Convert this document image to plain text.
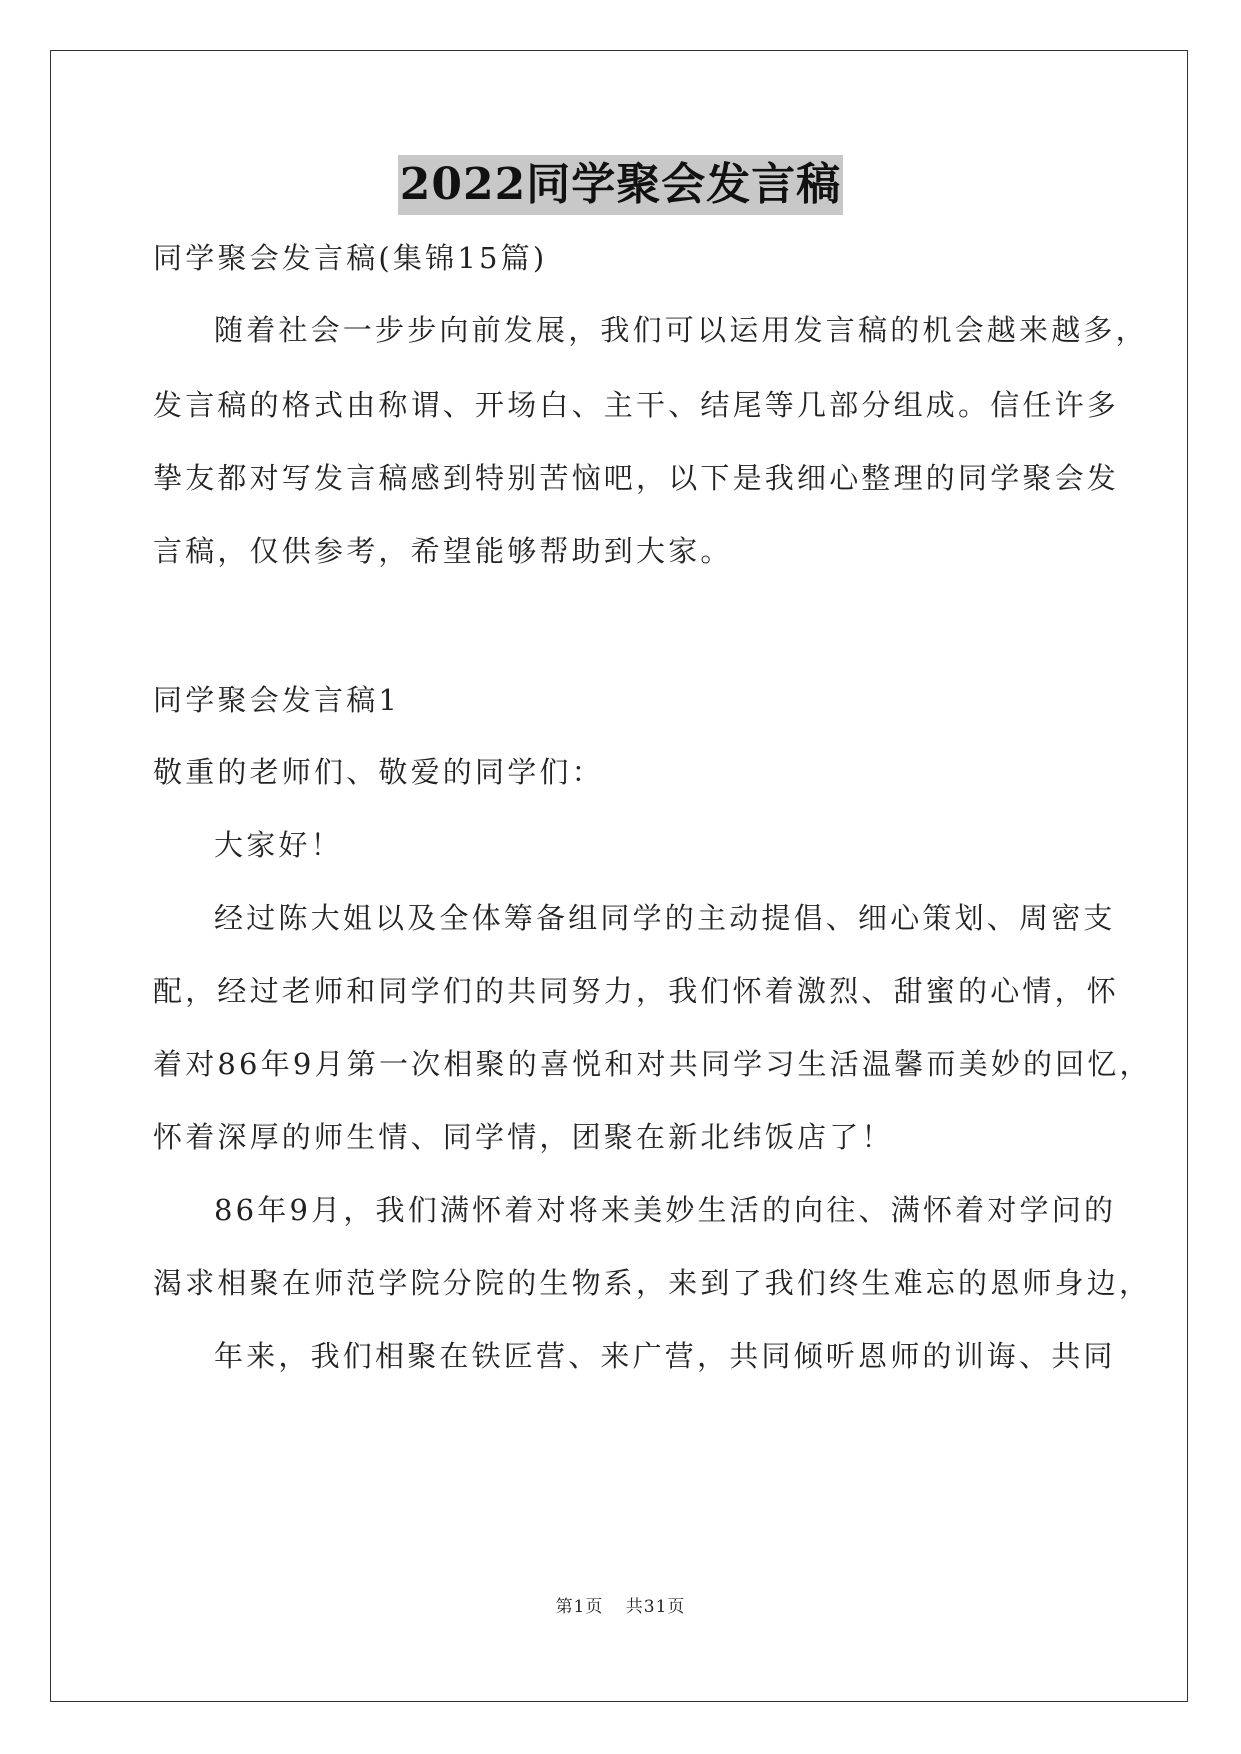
2022同学聚会发言稿
同学聚会发言稿(集锦15篇)
随着社会一步步向前发展，我们可以运用发言稿的机会越来越多，
发言稿的格式由称谓、开场白、主干、结尾等几部分组成。信任许多
挚友都对写发言稿感到特别苦恼吧，以下是我细心整理的同学聚会发
言稿，仅供参考，希望能够帮助到大家。
同学聚会发言稿1
敬重的老师们、敬爱的同学们：
大家好！
经过陈大姐以及全体筹备组同学的主动提倡、细心策划、周密支
配，经过老师和同学们的共同努力，我们怀着激烈、甜蜜的心情，怀
着对86年9月第一次相聚的喜悦和对共同学习生活温馨而美妙的回忆，
怀着深厚的师生情、同学情，团聚在新北纬饭店了！
86年9月，我们满怀着对将来美妙生活的向往、满怀着对学问的
渴求相聚在师范学院分院的生物系，来到了我们终生难忘的恩师身边，
年来，我们相聚在铁匠营、来广营，共同倾听恩师的训诲、共同
第1页 共31页
